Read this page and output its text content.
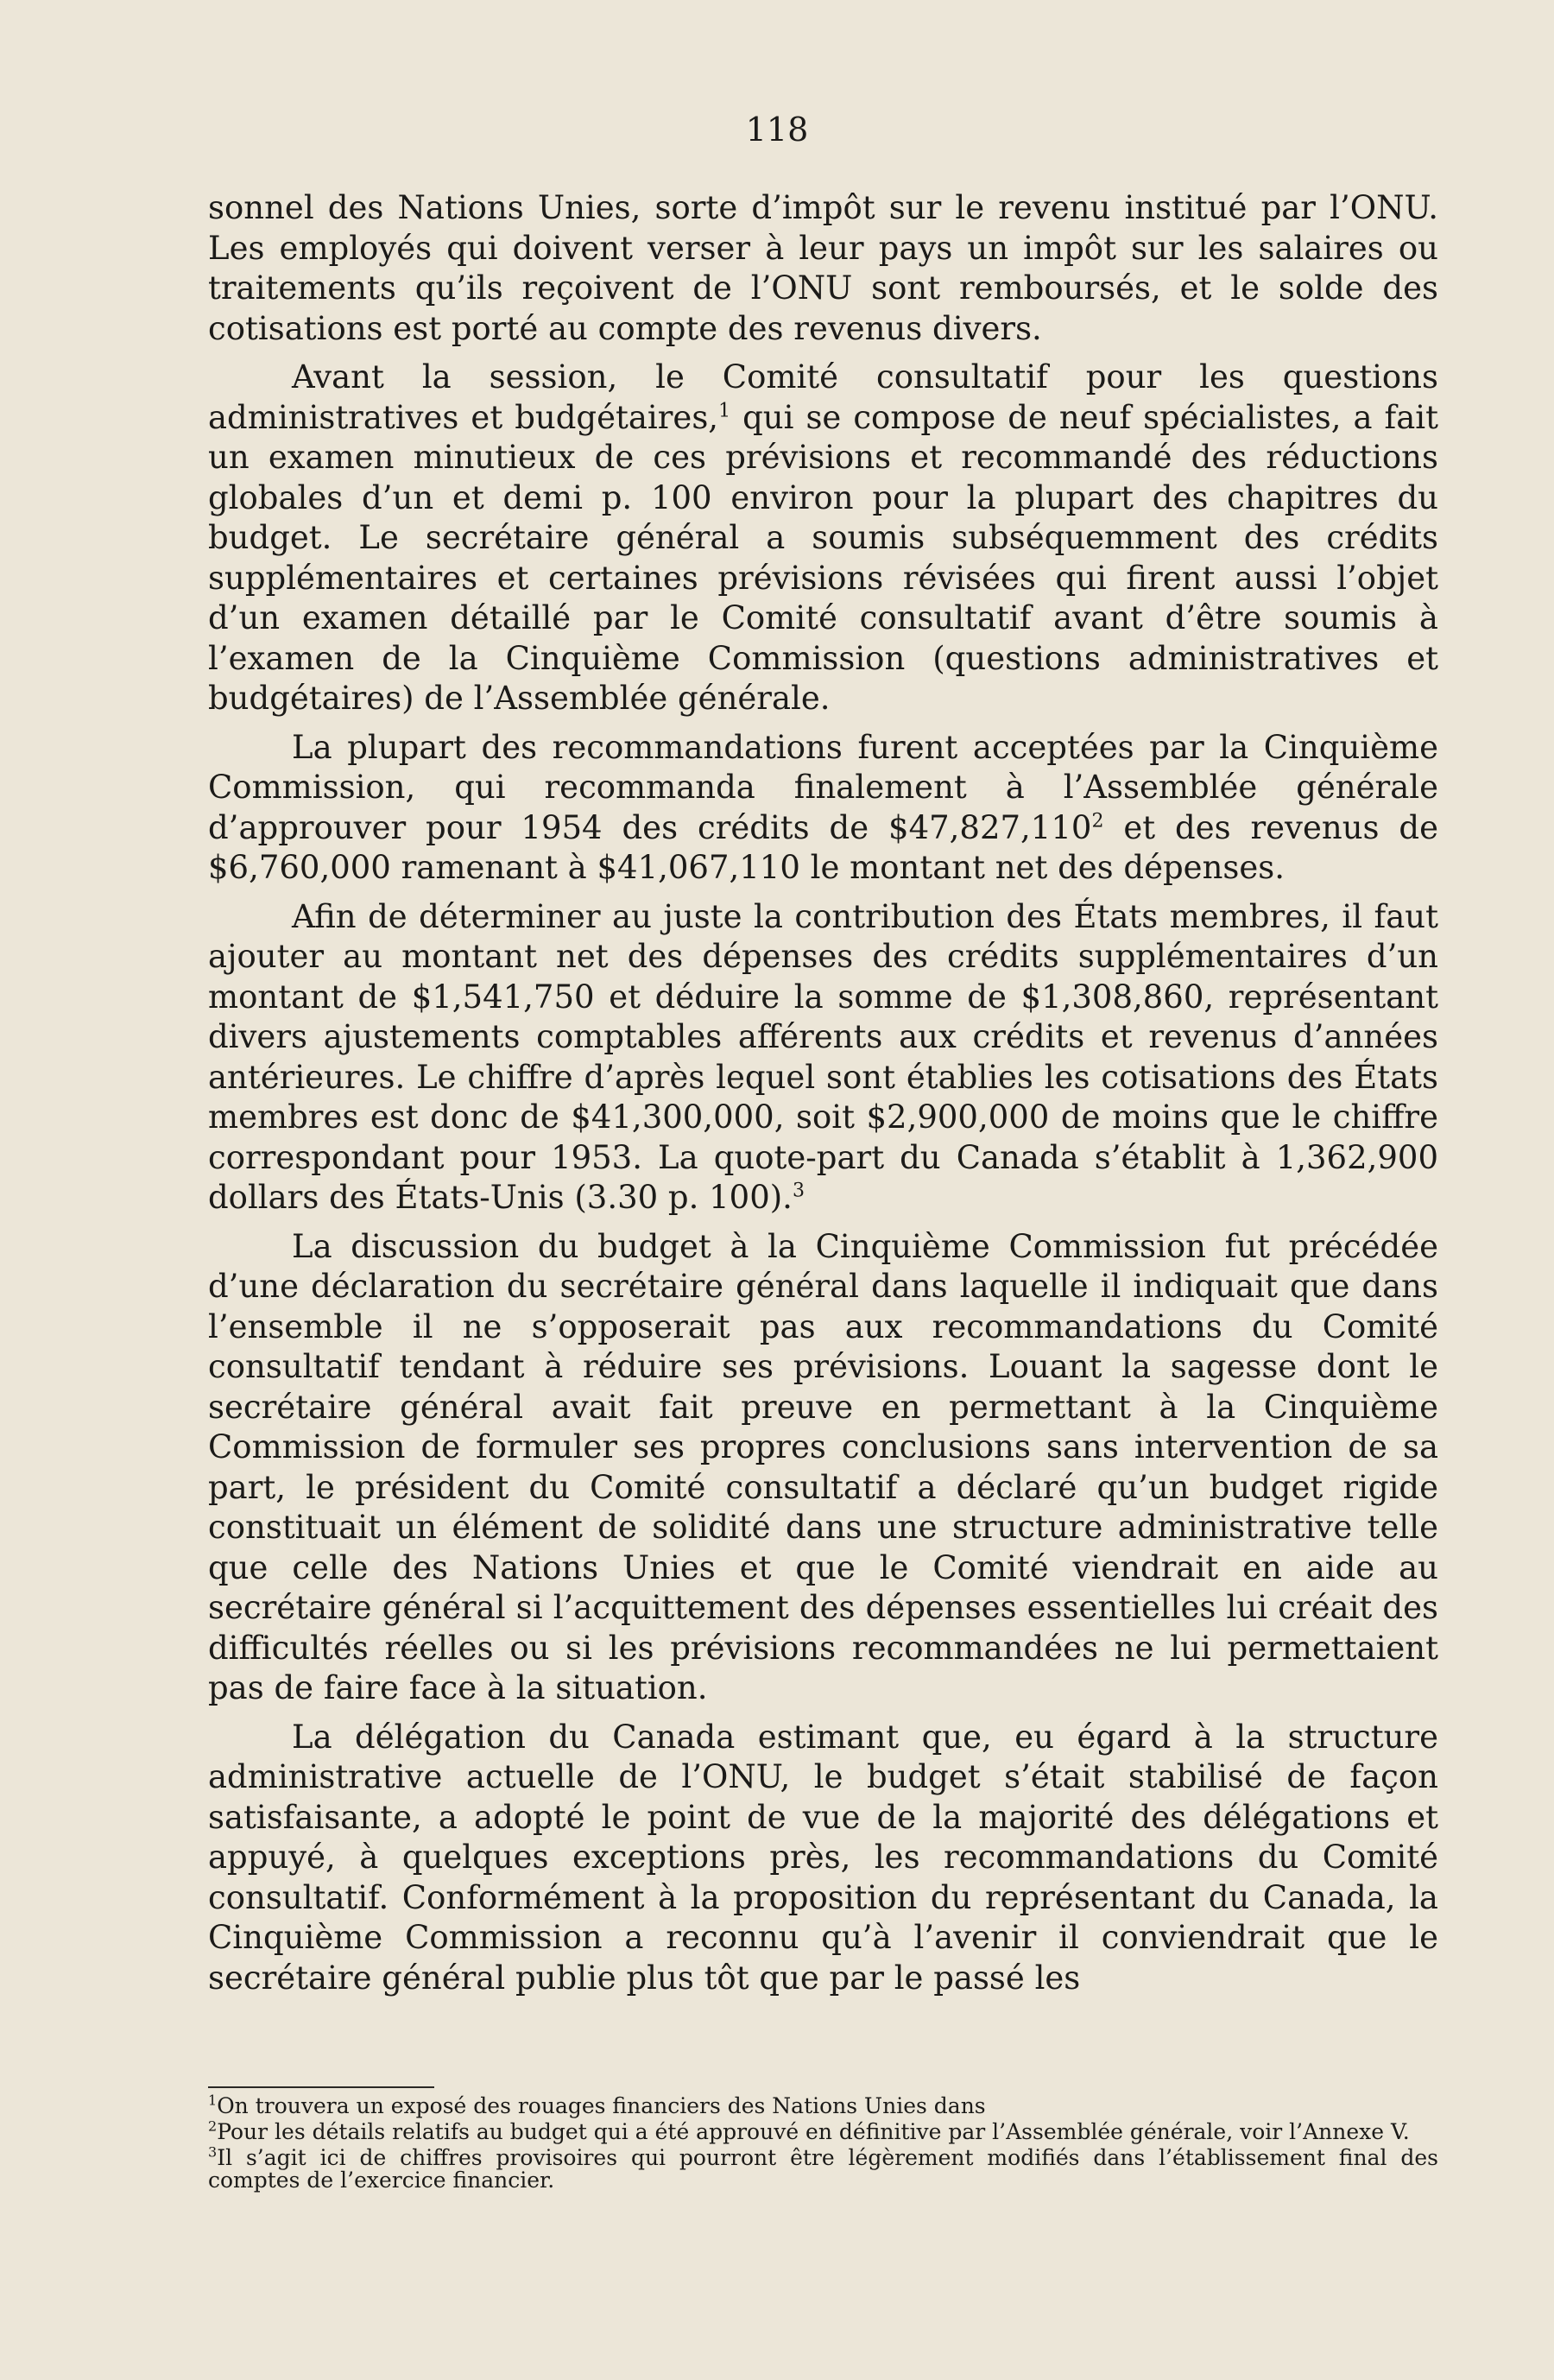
118

sonnel des Nations Unies, sorte d’impôt sur le revenu institué par l’ONU. Les employés qui doivent verser à leur pays un impôt sur les salaires ou traitements qu’ils reçoivent de l’ONU sont remboursés, et le solde des cotisations est porté au compte des revenus divers.

Avant la session, le Comité consultatif pour les questions administratives et budgétaires,$^1$ qui se compose de neuf spécialistes, a fait un examen minutieux de ces prévisions et recommandé des réductions globales d’un et demi p. 100 environ pour la plupart des chapitres du budget. Le secrétaire général a soumis subséquemment des crédits supplémentaires et certaines prévisions révisées qui firent aussi l’objet d’un examen détaillé par le Comité consultatif avant d’être soumis à l’examen de la Cinquième Commission (questions administratives et budgétaires) de l’Assemblée générale.

La plupart des recommandations furent acceptées par la Cinquième Commission, qui recommanda finalement à l’Assemblée générale d’approuver pour 1954 des crédits de $47,827,110$^2$ et des revenus de $6,760,000 ramenant à $41,067,110 le montant net des dépenses.

Afin de déterminer au juste la contribution des États membres, il faut ajouter au montant net des dépenses des crédits supplémentaires d’un montant de $1,541,750 et déduire la somme de $1,308,860, représentant divers ajustements comptables afférents aux crédits et revenus d’années antérieures. Le chiffre d’après lequel sont établies les cotisations des États membres est donc de $41,300,000, soit $2,900,000 de moins que le chiffre correspondant pour 1953. La quote-part du Canada s’établit à 1,362,900 dollars des États-Unis (3.30 p. 100).$^3$

La discussion du budget à la Cinquième Commission fut précédée d’une déclaration du secrétaire général dans laquelle il indiquait que dans l’ensemble il ne s’opposerait pas aux recommandations du Comité consultatif tendant à réduire ses prévisions. Louant la sagesse dont le secrétaire général avait fait preuve en permettant à la Cinquième Commission de formuler ses propres conclusions sans intervention de sa part, le président du Comité consultatif a déclaré qu’un budget rigide constituait un élément de solidité dans une structure administrative telle que celle des Nations Unies et que le Comité viendrait en aide au secrétaire général si l’acquittement des dépenses essentielles lui créait des difficultés réelles ou si les prévisions recommandées ne lui permettaient pas de faire face à la situation.

La délégation du Canada estimant que, eu égard à la structure administrative actuelle de l’ONU, le budget s’était stabilisé de façon satisfaisante, a adopté le point de vue de la majorité des délégations et appuyé, à quelques exceptions près, les recommandations du Comité consultatif. Conformément à la proposition du représentant du Canada, la Cinquième Commission a reconnu qu’à l’avenir il conviendrait que le secrétaire général publie plus tôt que par le passé les

$^1$On trouvera un exposé des rouages financiers des Nations Unies dans

$^2$Pour les détails relatifs au budget qui a été approuvé en définitive par l’Assemblée générale, voir l’Annexe V.

$^3$Il s’agit ici de chiffres provisoires qui pourront être légèrement modifiés dans l’établissement final des comptes de l’exercice financier.
